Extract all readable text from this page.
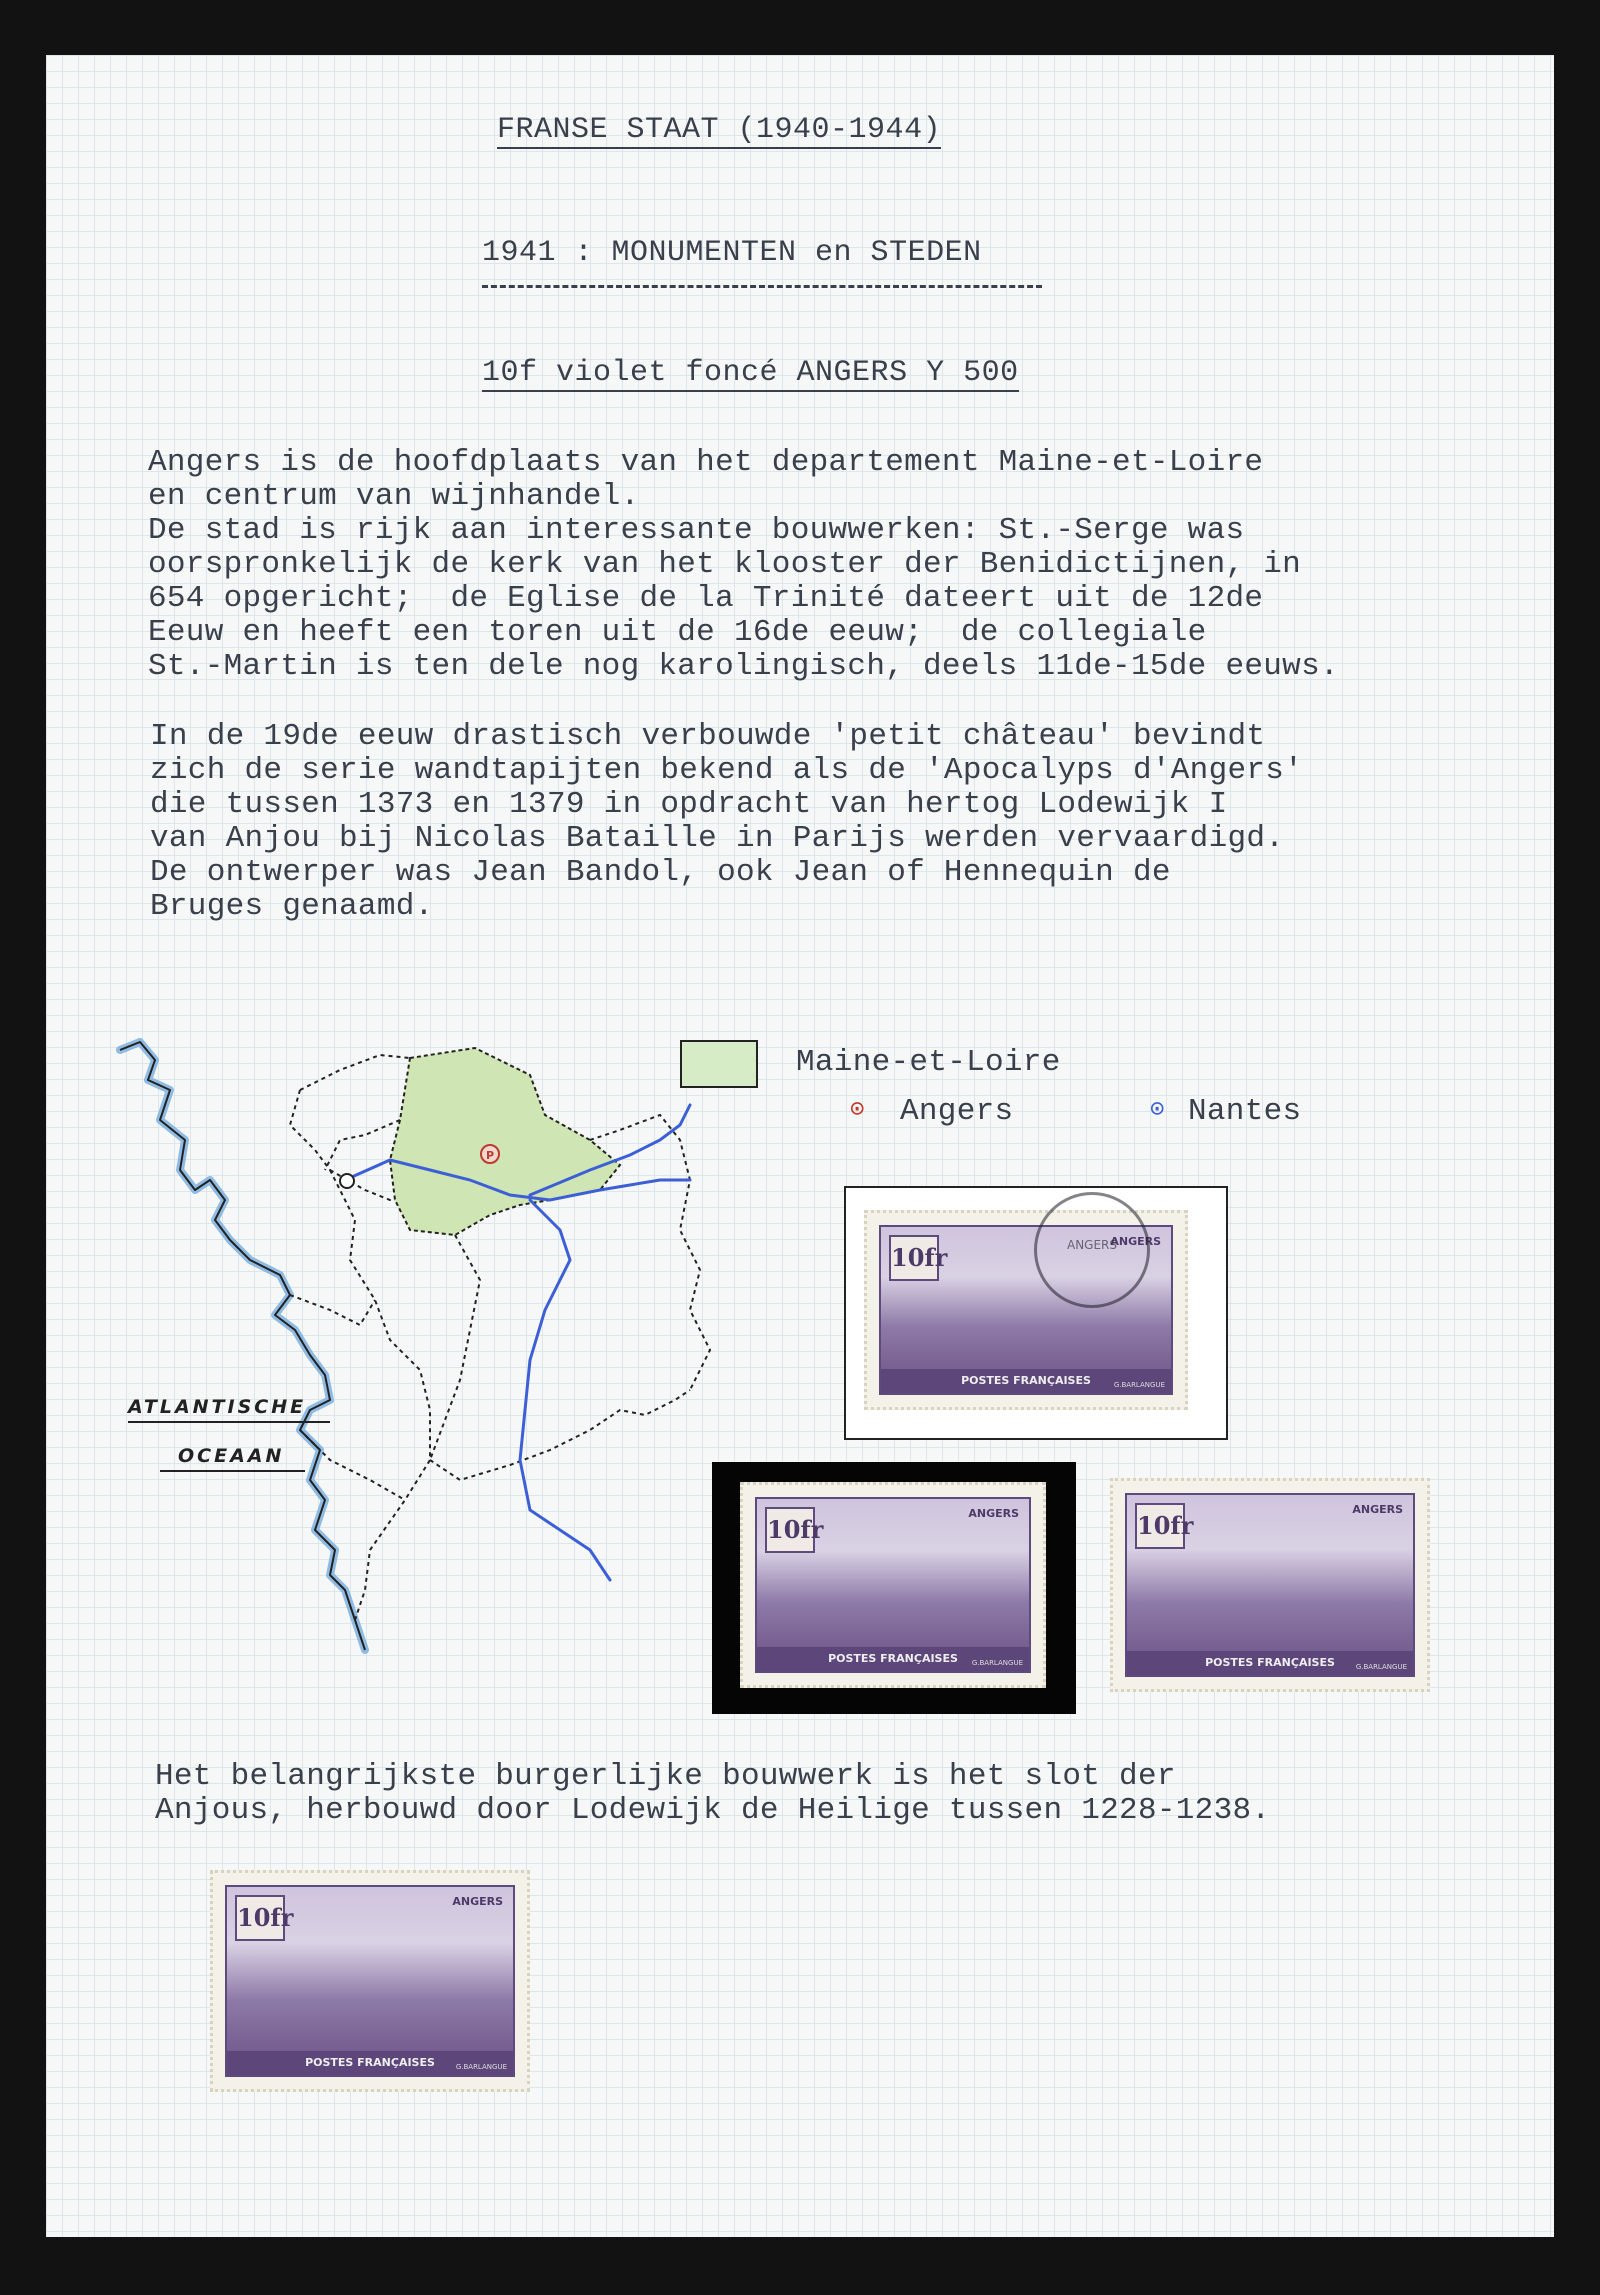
FRANSE STAAT (1940-1944)
1941 : MONUMENTEN en STEDEN
10f violet foncé ANGERS Y 500
Angers is de hoofdplaats van het departement Maine-et-Loire
en centrum van wijnhandel.
De stad is rijk aan interessante bouwwerken: St.-Serge was
oorspronkelijk de kerk van het klooster der Benidictijnen, in
654 opgericht;  de Eglise de la Trinité dateert uit de 12de
Eeuw en heeft een toren uit de 16de eeuw;  de collegiale
St.-Martin is ten dele nog karolingisch, deels 11de-15de eeuws.
In de 19de eeuw drastisch verbouwde 'petit château' bevindt
zich de serie wandtapijten bekend als de 'Apocalyps d'Angers'
die tussen 1373 en 1379 in opdracht van hertog Lodewijk I
van Anjou bij Nicolas Bataille in Parijs werden vervaardigd.
De ontwerper was Jean Bandol, ook Jean of Hennequin de
Bruges genaamd.
P
ATLANTISCHE
OCEAAN
Maine-et-Loire
⊙ Angers	⊙ Nantes
10fr
ANGERS
POSTES FRANÇAISES	G.BARLANGUE
ANGERS
10fr
ANGERS
POSTES FRANÇAISES	G.BARLANGUE
10fr
ANGERS
POSTES FRANÇAISES	G.BARLANGUE
Het belangrijkste burgerlijke bouwwerk is het slot der
Anjous, herbouwd door Lodewijk de Heilige tussen 1228-1238.
10fr
ANGERS
POSTES FRANÇAISES	G.BARLANGUE
